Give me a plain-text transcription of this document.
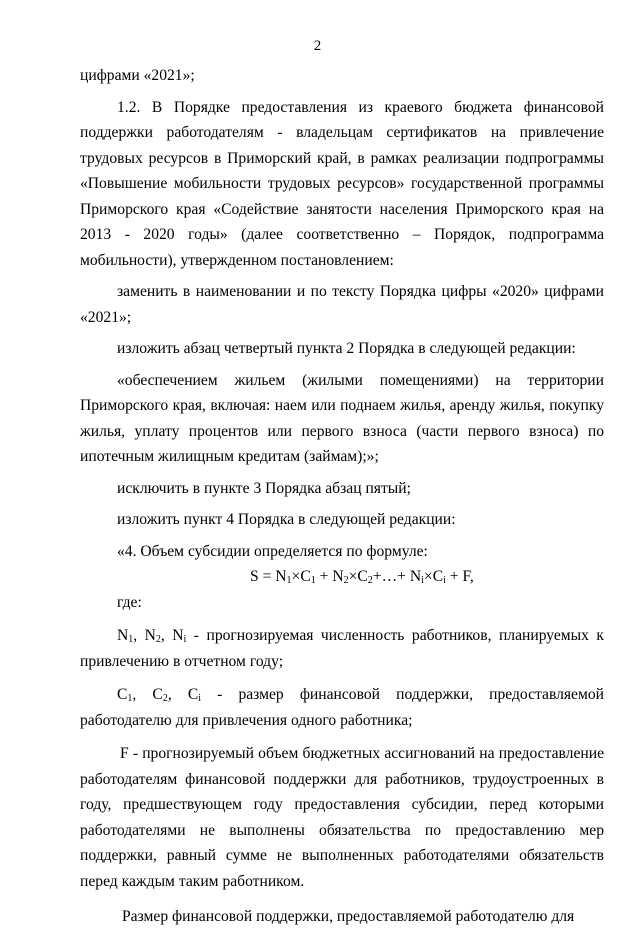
2

цифрами «2021»;

1.2. В Порядке предоставления из краевого бюджета финансовой поддержки работодателям - владельцам сертификатов на привлечение трудовых ресурсов в Приморский край, в рамках реализации подпрограммы «Повышение мобильности трудовых ресурсов» государственной программы Приморского края «Содействие занятости населения Приморского края на 2013 - 2020 годы» (далее соответственно – Порядок, подпрограмма мобильности), утвержденном постановлением:

заменить в наименовании и по тексту Порядка цифры «2020» цифрами «2021»;

изложить абзац четвертый пункта 2 Порядка в следующей редакции:

«обеспечением жильем (жилыми помещениями) на территории Приморского края, включая: наем или поднаем жилья, аренду жилья, покупку жилья, уплату процентов или первого взноса (части первого взноса) по ипотечным жилищным кредитам (займам);»;

исключить в пункте 3 Порядка абзац пятый;

изложить пункт 4 Порядка в следующей редакции:

«4. Объем субсидии определяется по формуле:

$S = N_1\times C_1$ + $N_2\times C_2+\dots+ N_i\times C_i + F$,

где:

$N_1$, $N_2$, $N_i$ - прогнозируемая численность работников, планируемых к привлечению в отчетном году;

$C_1$, $C_2$, $C_i$ - размер финансовой поддержки, предоставляемой работодателю для привлечения одного работника;

F - прогнозируемый объем бюджетных ассигнований на предоставление работодателям финансовой поддержки для работников, трудоустроенных в году, предшествующем году предоставления субсидии, перед которыми работодателями не выполнены обязательства по предоставлению мер поддержки, равный сумме не выполненных работодателями обязательств перед каждым таким работником.

Размер финансовой поддержки, предоставляемой работодателю для
